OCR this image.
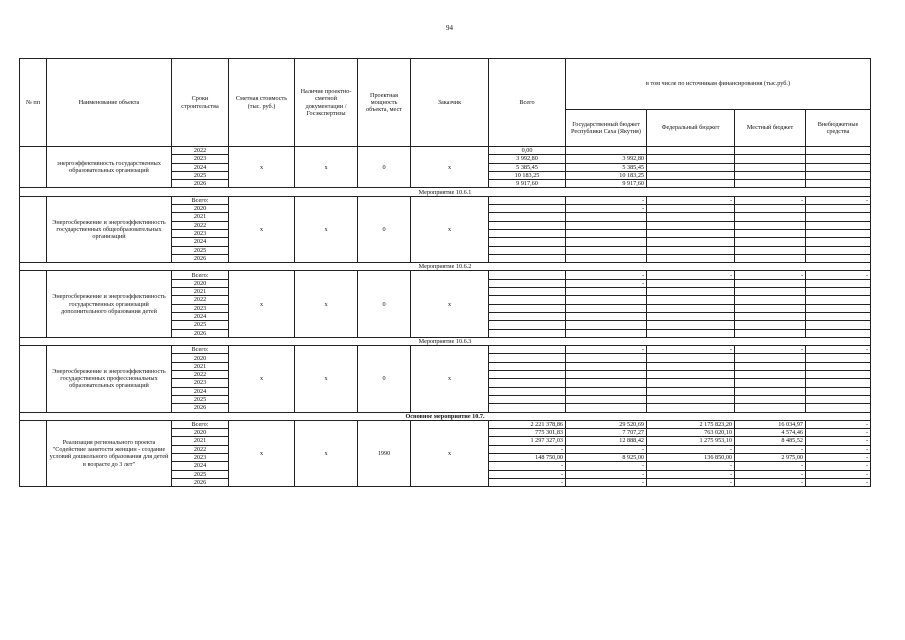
94
№ пп	Наименование объекта	Сроки строительства	Сметная стоимость (тыс. руб.)	Наличие проектно-сметной документации /Госэкспертизы	Проектная мощность объекта, мест	Заказчик	Всего	в том числе по источникам финансирования (тыс.руб.)			
								Государственный бюджет Республики Саха (Якутия)	Федеральный бюджет	Местный бюджет	Внебюджетные средства
	энергоэффективность государственных образовательных организаций	2022	x	x	0	x	0,00				
		2023					3 992,80	3 992,80			
		2024					5 385,45	5 385,45			
		2025					10 183,25	10 183,25			
		2026					9 917,60	9 917,60			
Мероприятие 10.6.1											
	Энергосбережение и энергоэффективность государственных общеобразовательных организаций	Всего:	x	x	0	x		-	-	-	-
		2020						-			
		2021									
		2022									
		2023									
		2024									
		2025									
		2026									
Мероприятие 10.6.2											
	Энергосбережение и энергоэффективность государственных организаций дополнительного образования детей	Всего:	x	x	0	x		-	-	-	-
		2020						-			
		2021									
		2022									
		2023									
		2024									
		2025									
		2026									
Мероприятие 10.6.3											
	Энергосбережение и энергоэффективность государственных профессиональных образовательных организаций	Всего:	x	x	0	x		-	-	-	-
		2020									
		2021									
		2022									
		2023									
		2024									
		2025									
		2026									
Основное мероприятие 10.7.											
	Реализация регионального проекта "Содействие занятости женщин - создание условий дошкольного образования для детей в возрасте до 3 лет"	Всего:	x	x	1990	x	2 221 378,86	29 520,69	2 175 823,20	16 034,97	-
		2020					775 301,83	7 707,27	763 020,10	4 574,46	-
		2021					1 297 327,03	12 888,42	1 275 953,10	8 485,52	-
		2022					-	-	-	-	-
		2023					148 750,00	8 925,00	136 850,00	2 975,00	-
		2024					-	-	-	-	-
		2025					-	-	-	-	-
		2026					-	-	-	-	-
